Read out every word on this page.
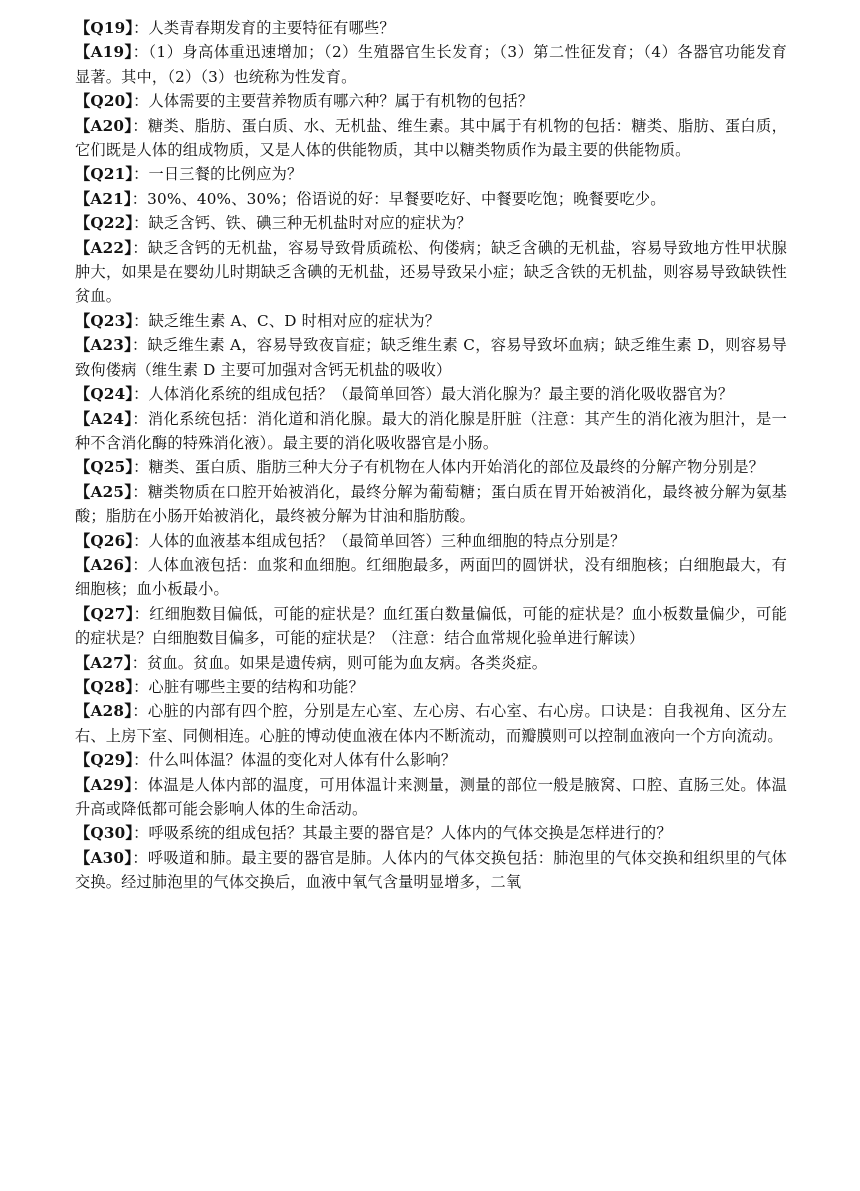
【Q19】：人类青春期发育的主要特征有哪些？

【A19】：（1）身高体重迅速增加；（2）生殖器官生长发育；（3）第二性征发育；（4）各器官功能发育显著。其中，（2）（3）也统称为性发育。

【Q20】：人体需要的主要营养物质有哪六种？属于有机物的包括？

【A20】：糖类、脂肪、蛋白质、水、无机盐、维生素。其中属于有机物的包括：糖类、脂肪、蛋白质，它们既是人体的组成物质，又是人体的供能物质，其中以糖类物质作为最主要的供能物质。

【Q21】：一日三餐的比例应为？

【A21】：30%、40%、30%；俗语说的好：早餐要吃好、中餐要吃饱；晚餐要吃少。

【Q22】：缺乏含钙、铁、碘三种无机盐时对应的症状为？

【A22】：缺乏含钙的无机盐，容易导致骨质疏松、佝偻病；缺乏含碘的无机盐，容易导致地方性甲状腺肿大，如果是在婴幼儿时期缺乏含碘的无机盐，还易导致呆小症；缺乏含铁的无机盐，则容易导致缺铁性贫血。

【Q23】：缺乏维生素 A、C、D 时相对应的症状为？

【A23】：缺乏维生素 A，容易导致夜盲症；缺乏维生素 C，容易导致坏血病；缺乏维生素 D，则容易导致佝偻病（维生素 D 主要可加强对含钙无机盐的吸收）

【Q24】：人体消化系统的组成包括？（最简单回答）最大消化腺为？最主要的消化吸收器官为？

【A24】：消化系统包括：消化道和消化腺。最大的消化腺是肝脏（注意：其产生的消化液为胆汁，是一种不含消化酶的特殊消化液）。最主要的消化吸收器官是小肠。

【Q25】：糖类、蛋白质、脂肪三种大分子有机物在人体内开始消化的部位及最终的分解产物分别是？

【A25】：糖类物质在口腔开始被消化，最终分解为葡萄糖；蛋白质在胃开始被消化，最终被分解为氨基酸；脂肪在小肠开始被消化，最终被分解为甘油和脂肪酸。

【Q26】：人体的血液基本组成包括？（最简单回答）三种血细胞的特点分别是？

【A26】：人体血液包括：血浆和血细胞。红细胞最多，两面凹的圆饼状，没有细胞核；白细胞最大，有细胞核；血小板最小。

【Q27】：红细胞数目偏低，可能的症状是？血红蛋白数量偏低，可能的症状是？血小板数量偏少，可能的症状是？白细胞数目偏多，可能的症状是？（注意：结合血常规化验单进行解读）

【A27】：贫血。贫血。如果是遗传病，则可能为血友病。各类炎症。

【Q28】：心脏有哪些主要的结构和功能？

【A28】：心脏的内部有四个腔，分别是左心室、左心房、右心室、右心房。口诀是：自我视角、区分左右、上房下室、同侧相连。心脏的博动使血液在体内不断流动，而瓣膜则可以控制血液向一个方向流动。

【Q29】：什么叫体温？体温的变化对人体有什么影响？

【A29】：体温是人体内部的温度，可用体温计来测量，测量的部位一般是腋窝、口腔、直肠三处。体温升高或降低都可能会影响人体的生命活动。

【Q30】：呼吸系统的组成包括？其最主要的器官是？人体内的气体交换是怎样进行的？

【A30】：呼吸道和肺。最主要的器官是肺。人体内的气体交换包括：肺泡里的气体交换和组织里的气体交换。经过肺泡里的气体交换后，血液中氧气含量明显增多，二氧
